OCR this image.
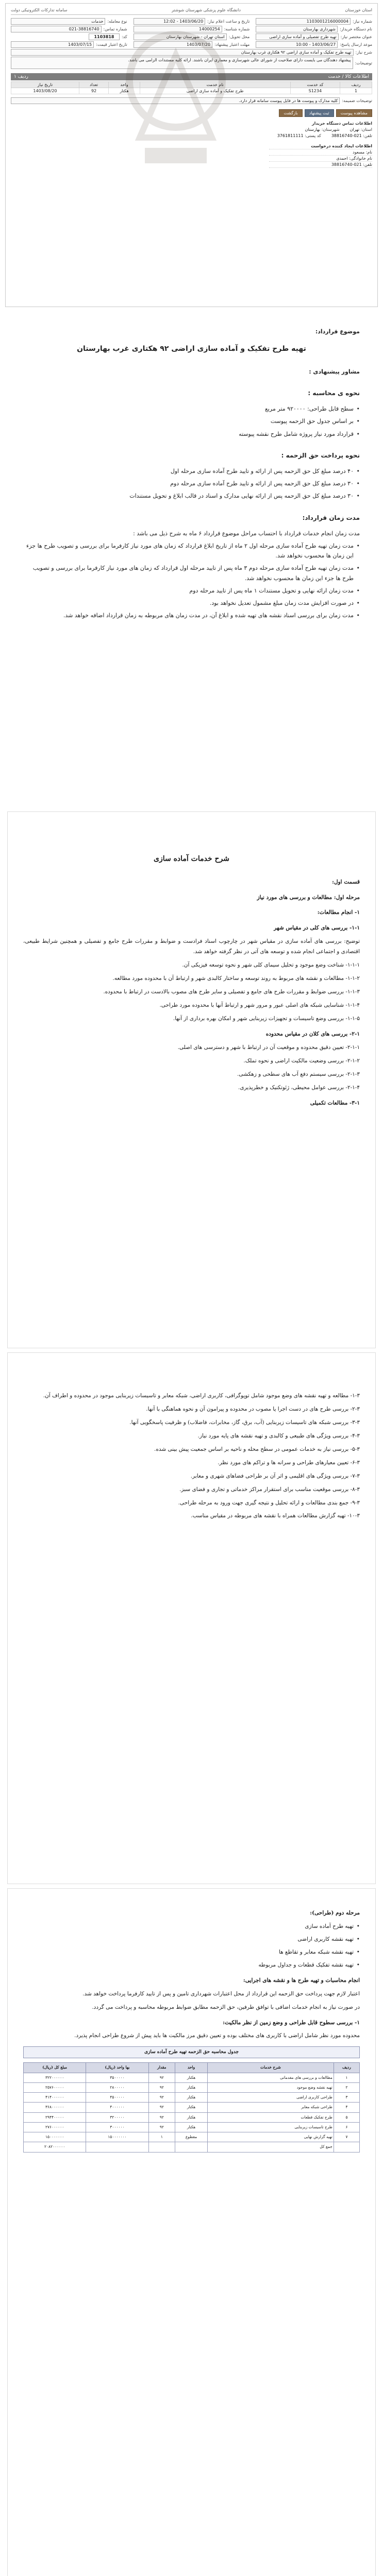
استان خوزستان
دانشگاه علوم پزشکی شهرستان شوشتر
سامانه تدارکات الکترونیکی دولت
شماره نیاز:
1103001216000004
تاریخ و ساعت اعلام نیاز:
1403/06/20 - 12:02
نوع معامله:
خدمات
نام دستگاه خریدار:
شهرداری بهارستان
شماره شناسه:
14000254
شماره تماس:
021-38816740
عنوان مختصر نیاز:
تهیه طرح تفصیلی و آماده سازی اراضی
محل تحویل:
استان تهران - شهرستان بهارستان
کد:
1103818
موعد ارسال پاسخ:
1403/06/27 - 10:00
مهلت اعتبار پیشنهاد:
1403/07/20
تاریخ اعتبار قیمت:
1403/07/15
شرح نیاز:
تهیه طرح تفکیک و آماده سازی اراضی ۹۲ هکتاری غرب بهارستان
توضیحات:
پیشنهاد دهندگان می بایست دارای صلاحیت از شورای عالی شهرسازی و معماری ایران باشند. ارائه کلیه مستندات الزامی می باشد.
اطلاعات کالا / خدمت
ردیف ۱
ردیف	کد خدمت	نام خدمت	واحد	تعداد	تاریخ نیاز
1	S1234	طرح تفکیک و آماده سازی اراضی	هکتار	92	1403/08/20
توضیحات ضمیمه:
کلیه مدارک و پیوست ها در فایل پیوست سامانه قرار دارد.
مشاهده پیوست
ثبت پیشنهاد
بازگشت
اطلاعات تماس دستگاه خریدار
استان: تهران
شهرستان: بهارستان
تلفن: 021-38816740
کد پستی: 3761811111
اطلاعات ایجاد کننده درخواست
نام: مسعود
نام خانوادگی: احمدی
تلفن: 021-38816740
موضوع قرارداد:
تهیه طرح تفکیک و آماده سازی اراضی ۹۲ هکتاری غرب بهارستان
مشاور پیشنهادی :
نحوه ی محاسبه :
• سطح قابل طراحی: ۹۲۰۰۰۰ متر مربع
• بر اساس جدول حق الزحمه پیوست
• قرارداد مورد نیاز پروژه شامل طرح نقشه پیوسته
نحوه پرداخت حق الزحمه :
• ۴۰ درصد مبلغ کل حق الزحمه پس از ارائه و تایید طرح آماده سازی مرحله اول
• ۳۰ درصد مبلغ کل حق الزحمه پس از ارائه و تایید طرح آماده سازی مرحله دوم
• ۳۰ درصد مبلغ کل حق الزحمه پس از ارائه نهایی مدارک و اسناد در قالب ابلاغ و تحویل مستندات
مدت زمان قرارداد:

مدت زمان انجام خدمات قرارداد با احتساب مراحل موضوع قرارداد ۶ ماه به شرح ذیل می باشد :

• مدت زمان تهیه طرح آماده سازی مرحله اول ۲ ماه از تاریخ ابلاغ قرارداد که زمان های مورد نیاز کارفرما برای بررسی و تصویب طرح ها جزء این زمان ها محسوب نخواهد شد.
• مدت زمان تهیه طرح آماده سازی مرحله دوم ۳ ماه پس از تایید مرحله اول قرارداد که زمان های مورد نیاز کارفرما برای بررسی و تصویب طرح ها جزء این زمان ها محسوب نخواهد شد.
• مدت زمان ارائه نهایی و تحویل مستندات ۱ ماه پس از تایید مرحله دوم
• در صورت افزایش مدت زمان مبلغ مشمول تعدیل نخواهد بود.
• مدت زمان برای بررسی اسناد نقشه های تهیه شده و ابلاغ آن، در مدت زمان های مربوطه به زمان قرارداد اضافه خواهد شد.
شرح خدمات آماده سازی

قسمت اول:

مرحله اول: مطالعات و بررسی های مورد نیاز

۱- انجام مطالعات:

۱-۱- بررسی های کلی در مقیاس شهر

توضیح: بررسی های آماده سازی در مقیاس شهر در چارچوب اسناد فرادست و ضوابط و مقررات طرح جامع و تفصیلی و همچنین شرایط طبیعی، اقتصادی و اجتماعی انجام شده و توسعه های آتی در نظر گرفته خواهد شد.

۱-۱-۱- شناخت وضع موجود و تحلیل سیمای کلی شهر و نحوه توسعه فیزیکی آن.

۱-۱-۲- مطالعات و نقشه های مربوط به روند توسعه و ساختار کالبدی شهر و ارتباط آن با محدوده مورد مطالعه.

۱-۱-۳- بررسی ضوابط و مقررات طرح های جامع و تفصیلی و سایر طرح های مصوب بالادست در ارتباط با محدوده.

۱-۱-۴- شناسایی شبکه های اصلی عبور و مرور شهر و ارتباط آنها با محدوده مورد طراحی.

۱-۱-۵- بررسی وضع تاسیسات و تجهیزات زیربنایی شهر و امکان بهره برداری از آنها.

۲-۱- بررسی های کلان در مقیاس محدوده

۲-۱-۱- تعیین دقیق محدوده و موقعیت آن در ارتباط با شهر و دسترسی های اصلی.

۲-۱-۲- بررسی وضعیت مالکیت اراضی و نحوه تملک.

۲-۱-۳- بررسی سیستم دفع آب های سطحی و زهکشی.

۲-۱-۴- بررسی عوامل محیطی، ژئوتکنیک و خطرپذیری.

۳-۱- مطالعات تکمیلی

۱-۳- مطالعه و تهیه نقشه های وضع موجود شامل توپوگرافی، کاربری اراضی، شبکه معابر و تاسیسات زیربنایی موجود در محدوده و اطراف آن.

۲-۳- بررسی طرح های در دست اجرا یا مصوب در محدوده و پیرامون آن و نحوه هماهنگی با آنها.

۳-۳- بررسی شبکه های تاسیسات زیربنایی (آب، برق، گاز، مخابرات، فاضلاب) و ظرفیت پاسخگویی آنها.

۴-۳- بررسی ویژگی های طبیعی و کالبدی و تهیه نقشه های پایه مورد نیاز.

۵-۳- بررسی نیاز به خدمات عمومی در سطح محله و ناحیه بر اساس جمعیت پیش بینی شده.

۶-۳- تعیین معیارهای طراحی و سرانه ها و تراکم های مورد نظر.

۷-۳- بررسی ویژگی های اقلیمی و اثر آن بر طراحی فضاهای شهری و معابر.

۸-۳- بررسی موقعیت مناسب برای استقرار مراکز خدماتی و تجاری و فضای سبز.

۹-۳- جمع بندی مطالعات و ارائه تحلیل و نتیجه گیری جهت ورود به مرحله طراحی.

۱۰-۳- تهیه گزارش مطالعات همراه با نقشه های مربوطه در مقیاس مناسب.

مرحله دوم (طراحی):

• تهیه طرح آماده سازی
• تهیه نقشه کاربری اراضی
• تهیه نقشه شبکه معابر و تقاطع ها
• تهیه نقشه تفکیک قطعات و جداول مربوطه

انجام محاسبات و تهیه طرح ها و نقشه های اجرایی:

اعتبار لازم جهت پرداخت حق الزحمه این قرارداد از محل اعتبارات شهرداری تامین و پس از تایید کارفرما پرداخت خواهد شد.

در صورت نیاز به انجام خدمات اضافی با توافق طرفین، حق الزحمه مطابق ضوابط مربوطه محاسبه و پرداخت می گردد.

۱- بررسی سطوح قابل طراحی و وضع زمین از نظر مالکیت:

محدوده مورد نظر شامل اراضی با کاربری های مختلف بوده و تعیین دقیق مرز مالکیت ها باید پیش از شروع طراحی انجام پذیرد.

جدول محاسبه حق الزحمه تهیه طرح آماده سازی
ردیف	شرح خدمات	واحد	مقدار	بها واحد (ریال)	مبلغ کل (ریال)
۱	مطالعات و بررسی های مقدماتی	هکتار	۹۲	۳۵۰۰۰۰۰	۳۲۲۰۰۰۰۰۰
۲	تهیه نقشه وضع موجود	هکتار	۹۲	۲۸۰۰۰۰۰	۲۵۷۶۰۰۰۰۰
۳	طراحی کاربری اراضی	هکتار	۹۲	۴۵۰۰۰۰۰	۴۱۴۰۰۰۰۰۰
۴	طراحی شبکه معابر	هکتار	۹۲	۴۰۰۰۰۰۰	۳۶۸۰۰۰۰۰۰
۵	طرح تفکیک قطعات	هکتار	۹۲	۳۲۰۰۰۰۰	۲۹۴۴۰۰۰۰۰
۶	طرح تاسیسات زیربنایی	هکتار	۹۲	۳۰۰۰۰۰۰	۲۷۶۰۰۰۰۰۰
۷	تهیه گزارش نهایی	مقطوع	۱	۱۵۰۰۰۰۰۰۰	۱۵۰۰۰۰۰۰۰
	جمع کل				۲۰۸۲۰۰۰۰۰۰
